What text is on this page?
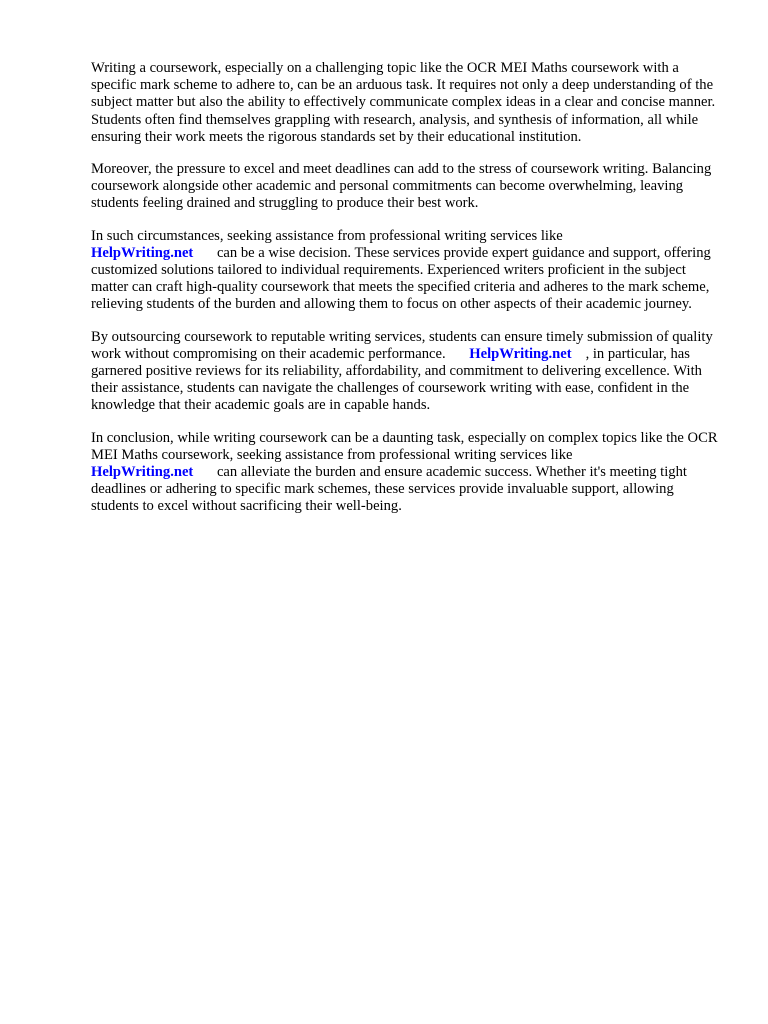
Writing a coursework, especially on a challenging topic like the OCR MEI Maths coursework with a specific mark scheme to adhere to, can be an arduous task. It requires not only a deep understanding of the subject matter but also the ability to effectively communicate complex ideas in a clear and concise manner. Students often find themselves grappling with research, analysis, and synthesis of information, all while ensuring their work meets the rigorous standards set by their educational institution.

Moreover, the pressure to excel and meet deadlines can add to the stress of coursework writing. Balancing coursework alongside other academic and personal commitments can become overwhelming, leaving students feeling drained and struggling to produce their best work.

In such circumstances, seeking assistance from professional writing services like
HelpWriting.net can be a wise decision. These services provide expert guidance and support, offering customized solutions tailored to individual requirements. Experienced writers proficient in the subject matter can craft high-quality coursework that meets the specified criteria and adheres to the mark scheme, relieving students of the burden and allowing them to focus on other aspects of their academic journey.

By outsourcing coursework to reputable writing services, students can ensure timely submission of quality work without compromising on their academic performance. HelpWriting.net , in particular, has garnered positive reviews for its reliability, affordability, and commitment to delivering excellence. With their assistance, students can navigate the challenges of coursework writing with ease, confident in the knowledge that their academic goals are in capable hands.

In conclusion, while writing coursework can be a daunting task, especially on complex topics like the OCR MEI Maths coursework, seeking assistance from professional writing services like
HelpWriting.net can alleviate the burden and ensure academic success. Whether it's meeting tight deadlines or adhering to specific mark schemes, these services provide invaluable support, allowing students to excel without sacrificing their well-being.
